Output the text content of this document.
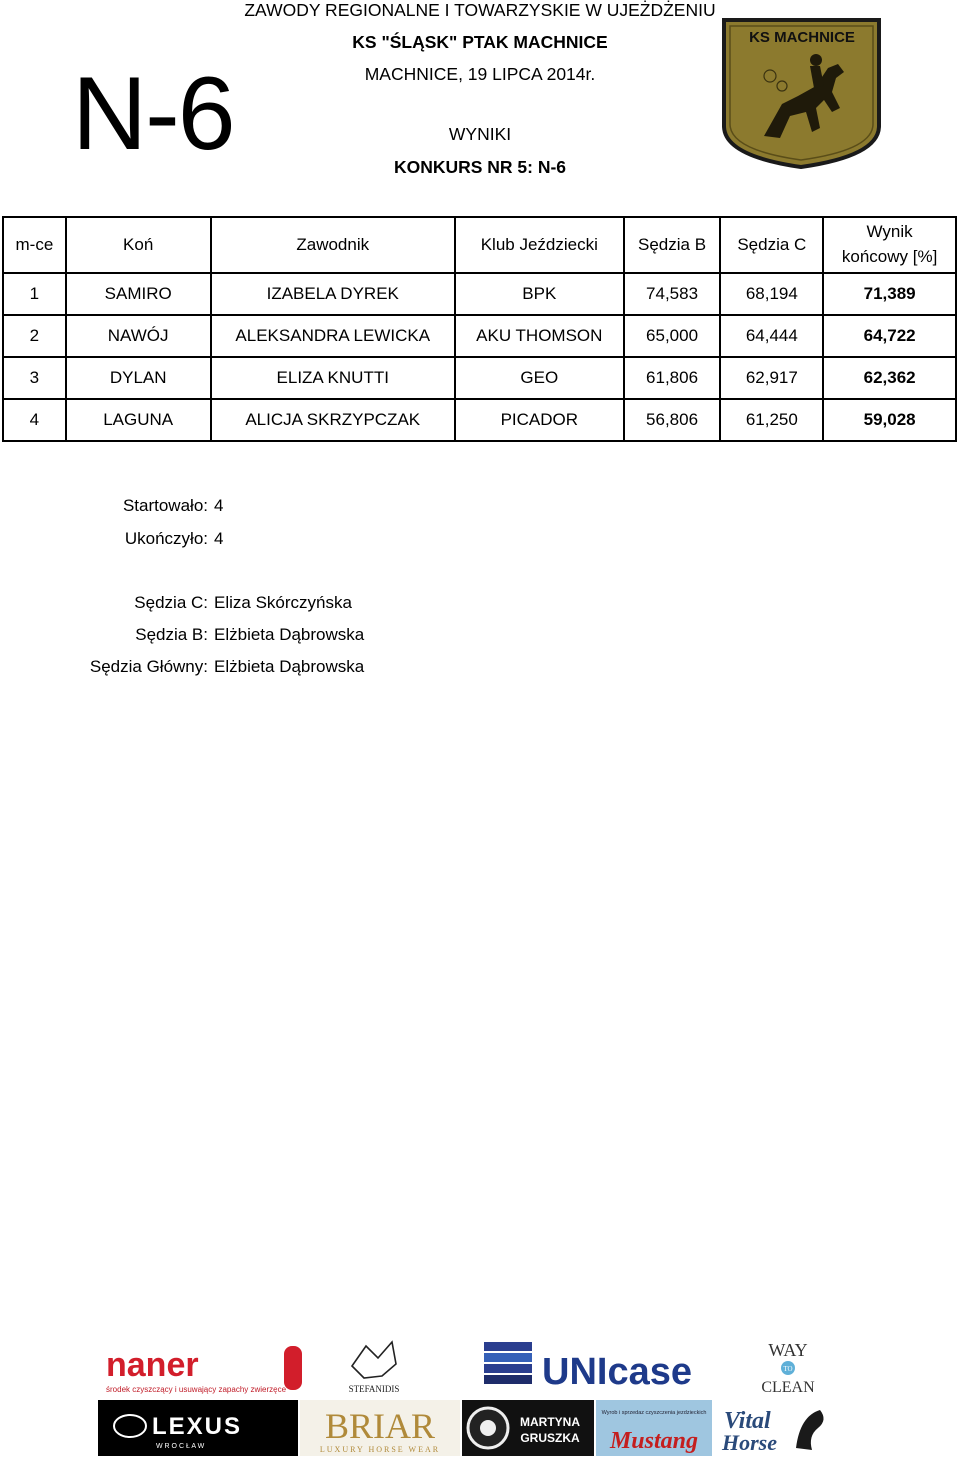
N-6
ZAWODY REGIONALNE I TOWARZYSKIE W UJEŻDŻENIU
KS "ŚLĄSK" PTAK MACHNICE
MACHNICE, 19 LIPCA 2014r.
WYNIKI
KONKURS NR 5: N-6
KS MACHNICE
m-ce	Koń	Zawodnik	Klub Jeździecki	Sędzia B	Sędzia C	Wynik
końcowy [%]
1	SAMIRO	IZABELA DYREK	BPK	74,583	68,194	71,389
2	NAWÓJ	ALEKSANDRA LEWICKA	AKU THOMSON	65,000	64,444	64,722
3	DYLAN	ELIZA KNUTTI	GEO	61,806	62,917	62,362
4	LAGUNA	ALICJA SKRZYPCZAK	PICADOR	56,806	61,250	59,028
Startowało: 4
Ukończyło: 4
Sędzia C: Eliza Skórczyńska
Sędzia B: Elżbieta Dąbrowska
Sędzia Główny: Elżbieta Dąbrowska
naner
środek czyszczący i usuwający zapachy zwierzęce	STEFANIDIS	UNIcase
WAY
TO
CLEAN
LEXUS
W R O C Ł A W
BRIAR
LUXURY HORSE WEAR
MARTYNA
GRUSZKA
Wyrob i sprzedaz czyszczenia jezdzieckich
Mustang
Vital
Horse
